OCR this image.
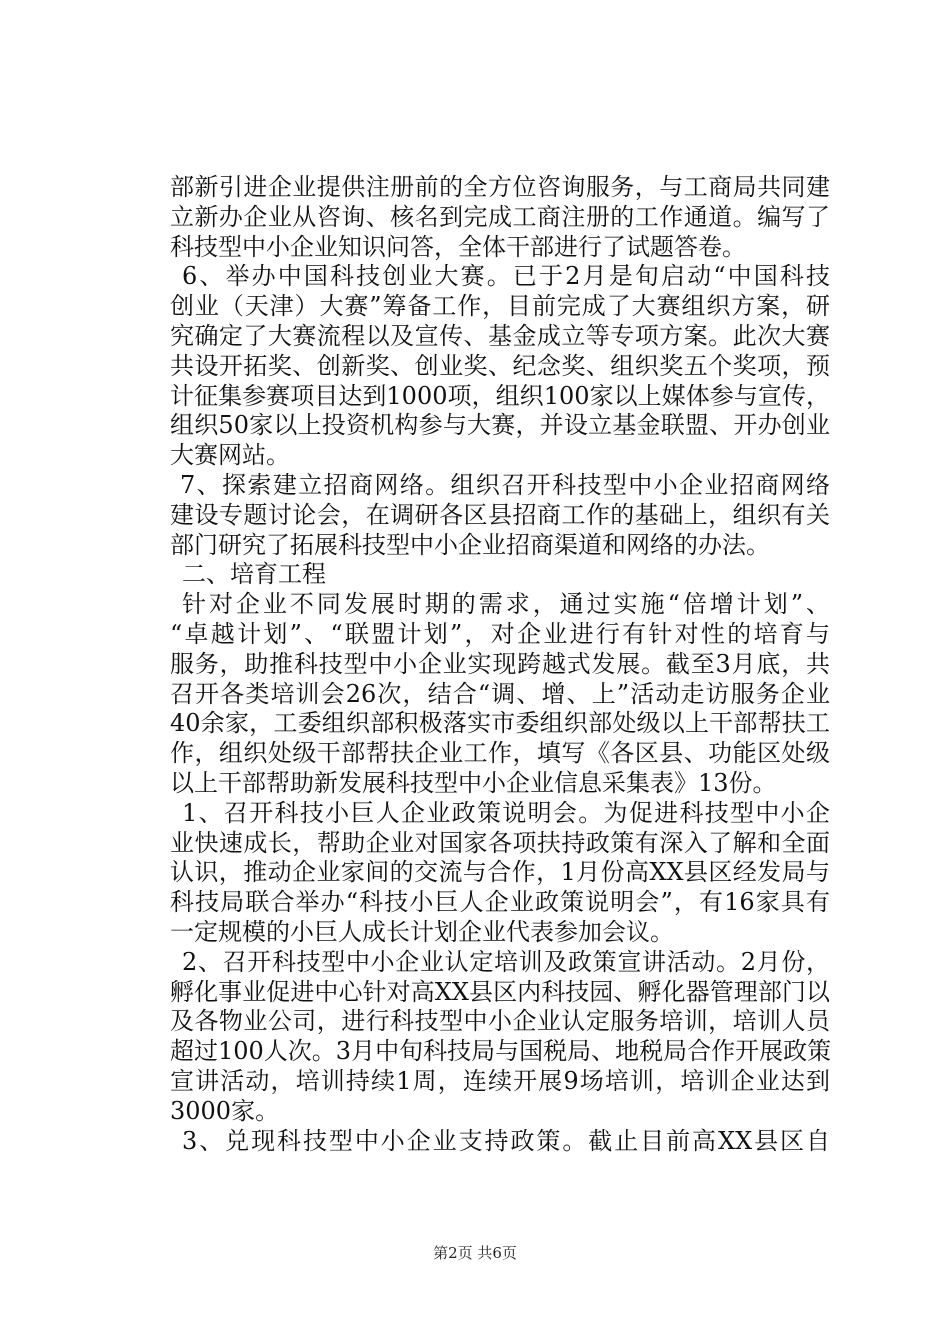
部新引进企业提供注册前的全方位咨询服务，与工商局共同建
立新办企业从咨询、核名到完成工商注册的工作通道。编写了
科技型中小企业知识问答，全体干部进行了试题答卷。
6、举办中国科技创业大赛。已于2月是旬启动“中国科技
创业（天津）大赛”筹备工作，目前完成了大赛组织方案，研
究确定了大赛流程以及宣传、基金成立等专项方案。此次大赛
共设开拓奖、创新奖、创业奖、纪念奖、组织奖五个奖项，预
计征集参赛项目达到1000项，组织100家以上媒体参与宣传，
组织50家以上投资机构参与大赛，并设立基金联盟、开办创业
大赛网站。
7、探索建立招商网络。组织召开科技型中小企业招商网络
建设专题讨论会，在调研各区县招商工作的基础上，组织有关
部门研究了拓展科技型中小企业招商渠道和网络的办法。
二、培育工程
针对企业不同发展时期的需求，通过实施“倍增计划”、
“卓越计划”、“联盟计划”，对企业进行有针对性的培育与
服务，助推科技型中小企业实现跨越式发展。截至3月底，共
召开各类培训会26次，结合“调、增、上”活动走访服务企业
40余家，工委组织部积极落实市委组织部处级以上干部帮扶工
作，组织处级干部帮扶企业工作，填写《各区县、功能区处级
以上干部帮助新发展科技型中小企业信息采集表》13份。
1、召开科技小巨人企业政策说明会。为促进科技型中小企
业快速成长，帮助企业对国家各项扶持政策有深入了解和全面
认识，推动企业家间的交流与合作，1月份高XX县区经发局与
科技局联合举办“科技小巨人企业政策说明会”，有16家具有
一定规模的小巨人成长计划企业代表参加会议。
2、召开科技型中小企业认定培训及政策宣讲活动。2月份，
孵化事业促进中心针对高XX县区内科技园、孵化器管理部门以
及各物业公司，进行科技型中小企业认定服务培训，培训人员
超过100人次。3月中旬科技局与国税局、地税局合作开展政策
宣讲活动，培训持续1周，连续开展9场培训，培训企业达到
3000家。
3、兑现科技型中小企业支持政策。截止目前高XX县区自
第2页 共6页
